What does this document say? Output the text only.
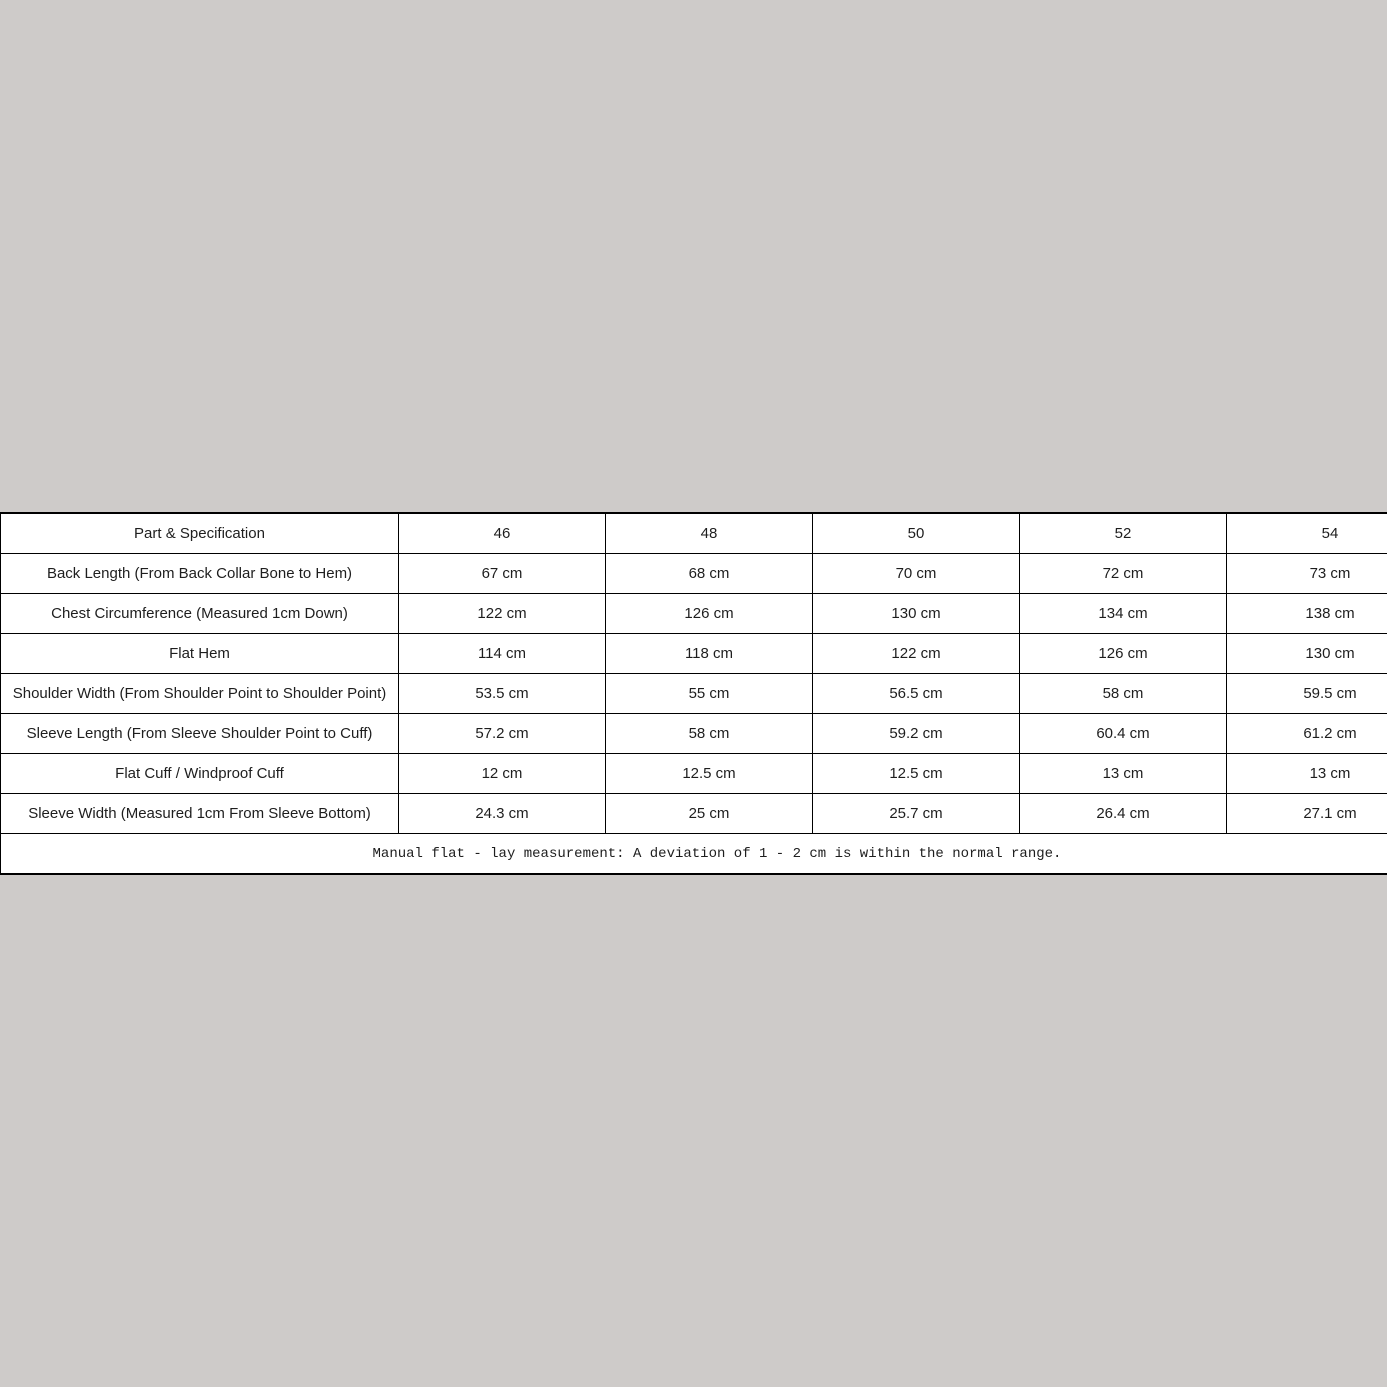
Part & Specification	46	48	50	52	54
Back Length (From Back Collar Bone to Hem)	67 cm	68 cm	70 cm	72 cm	73 cm
Chest Circumference (Measured 1cm Down)	122 cm	126 cm	130 cm	134 cm	138 cm
Flat Hem	114 cm	118 cm	122 cm	126 cm	130 cm
Shoulder Width (From Shoulder Point to Shoulder Point)	53.5 cm	55 cm	56.5 cm	58 cm	59.5 cm
Sleeve Length (From Sleeve Shoulder Point to Cuff)	57.2 cm	58 cm	59.2 cm	60.4 cm	61.2 cm
Flat Cuff / Windproof Cuff	12 cm	12.5 cm	12.5 cm	13 cm	13 cm
Sleeve Width (Measured 1cm From Sleeve Bottom)	24.3 cm	25 cm	25.7 cm	26.4 cm	27.1 cm
Manual flat - lay measurement: A deviation of 1 - 2 cm is within the normal range.					
